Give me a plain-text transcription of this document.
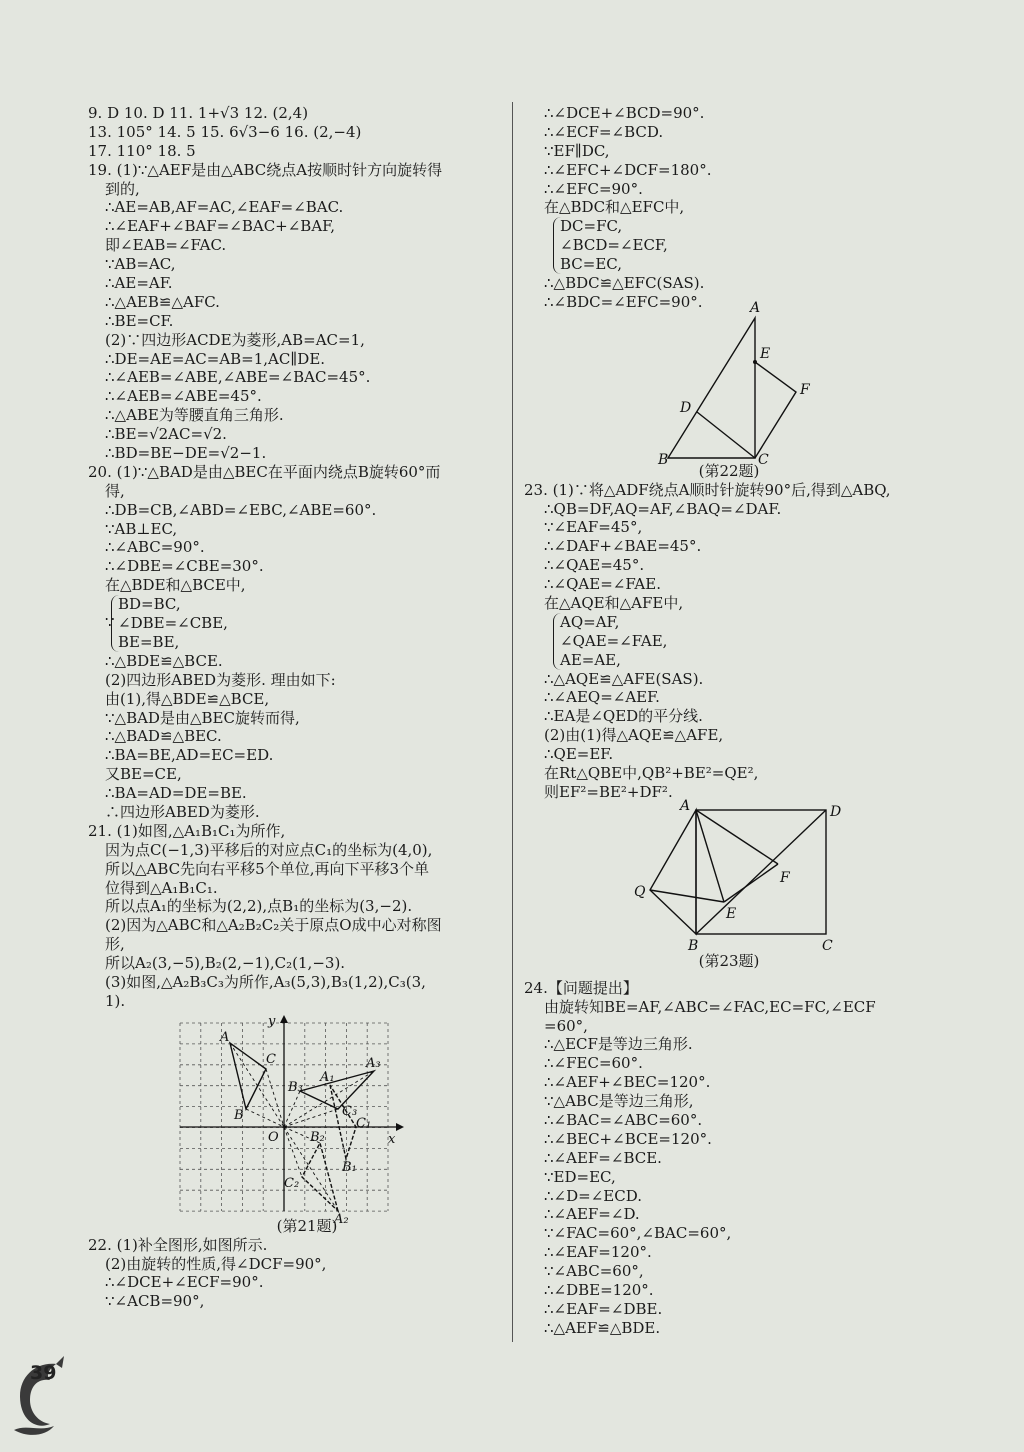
9. D 10. D 11. 1+√3 12. (2,4)
13. 105° 14. 5 15. 6√3−6 16. (2,−4)
17. 110° 18. 5
19. (1)∵△AEF是由△ABC绕点A按顺时针方向旋转得
到的,
∴AE=AB,AF=AC,∠EAF=∠BAC.
∴∠EAF+∠BAF=∠BAC+∠BAF,
即∠EAB=∠FAC.
∵AB=AC,
∴AE=AF.
∴△AEB≌△AFC.
∴BE=CF.
(2)∵四边形ACDE为菱形,AB=AC=1,
∴DE=AE=AC=AB=1,AC∥DE.
∴∠AEB=∠ABE,∠ABE=∠BAC=45°.
∴∠AEB=∠ABE=45°.
∴△ABE为等腰直角三角形.
∴BE=√2AC=√2.
∴BD=BE−DE=√2−1.
20. (1)∵△BAD是由△BEC在平面内绕点B旋转60°而
得,
∴DB=CB,∠ABD=∠EBC,∠ABE=60°.
∵AB⊥EC,
∴∠ABC=90°.
∴∠DBE=∠CBE=30°.
在△BDE和△BCE中,
∵
BD=BC,
∠DBE=∠CBE,
BE=BE,
∴△BDE≌△BCE.
(2)四边形ABED为菱形. 理由如下:
由(1),得△BDE≌△BCE,
∵△BAD是由△BEC旋转而得,
∴△BAD≌△BEC.
∴BA=BE,AD=EC=ED.
又BE=CE,
∴BA=AD=DE=BE.
∴四边形ABED为菱形.
21. (1)如图,△A₁B₁C₁为所作,
因为点C(−1,3)平移后的对应点C₁的坐标为(4,0),
所以△ABC先向右平移5个单位,再向下平移3个单
位得到△A₁B₁C₁.
所以点A₁的坐标为(2,2),点B₁的坐标为(3,−2).
(2)因为△ABC和△A₂B₂C₂关于原点O成中心对称图
形,
所以A₂(3,−5),B₂(2,−1),C₂(1,−3).
(3)如图,△A₂B₃C₃为所作,A₃(5,3),B₃(1,2),C₃(3,
1).
A
B
C
O	x
y
A₁
A₂
A₃
B₁
B₂
B₃
C₁
C₂
C₃
(第21题)
22. (1)补全图形,如图所示.
(2)由旋转的性质,得∠DCF=90°,
∴∠DCE+∠ECF=90°.
∵∠ACB=90°,
∴∠DCE+∠BCD=90°.
∴∠ECF=∠BCD.
∵EF∥DC,
∴∠EFC+∠DCF=180°.
∴∠EFC=90°.
在△BDC和△EFC中,
DC=FC,
∠BCD=∠ECF,
BC=EC,
∴△BDC≌△EFC(SAS).
∴∠BDC=∠EFC=90°.	A
B	C
D
E
F
(第22题)
23. (1)∵将△ADF绕点A顺时针旋转90°后,得到△ABQ,
∴QB=DF,AQ=AF,∠BAQ=∠DAF.
∵∠EAF=45°,
∴∠DAF+∠BAE=45°.
∴∠QAE=45°.
∴∠QAE=∠FAE.
在△AQE和△AFE中,
AQ=AF,
∠QAE=∠FAE,
AE=AE,
∴△AQE≌△AFE(SAS).
∴∠AEQ=∠AEF.
∴EA是∠QED的平分线.
(2)由(1)得△AQE≌△AFE,
∴QE=EF.
在Rt△QBE中,QB²+BE²=QE²,
则EF²=BE²+DF².
A
B	C
D
E
F
Q
(第23题)
24.【问题提出】
由旋转知BE=AF,∠ABC=∠FAC,EC=FC,∠ECF
=60°,
∴△ECF是等边三角形.
∴∠FEC=60°.
∴∠AEF+∠BEC=120°.
∵△ABC是等边三角形,
∴∠BAC=∠ABC=60°.
∴∠BEC+∠BCE=120°.
∴∠AEF=∠BCE.
∵ED=EC,
∴∠D=∠ECD.
∴∠AEF=∠D.
∵∠FAC=60°,∠BAC=60°,
∴∠EAF=120°.
∵∠ABC=60°,
∴∠DBE=120°.
∴∠EAF=∠DBE.
∴△AEF≌△BDE.
39
